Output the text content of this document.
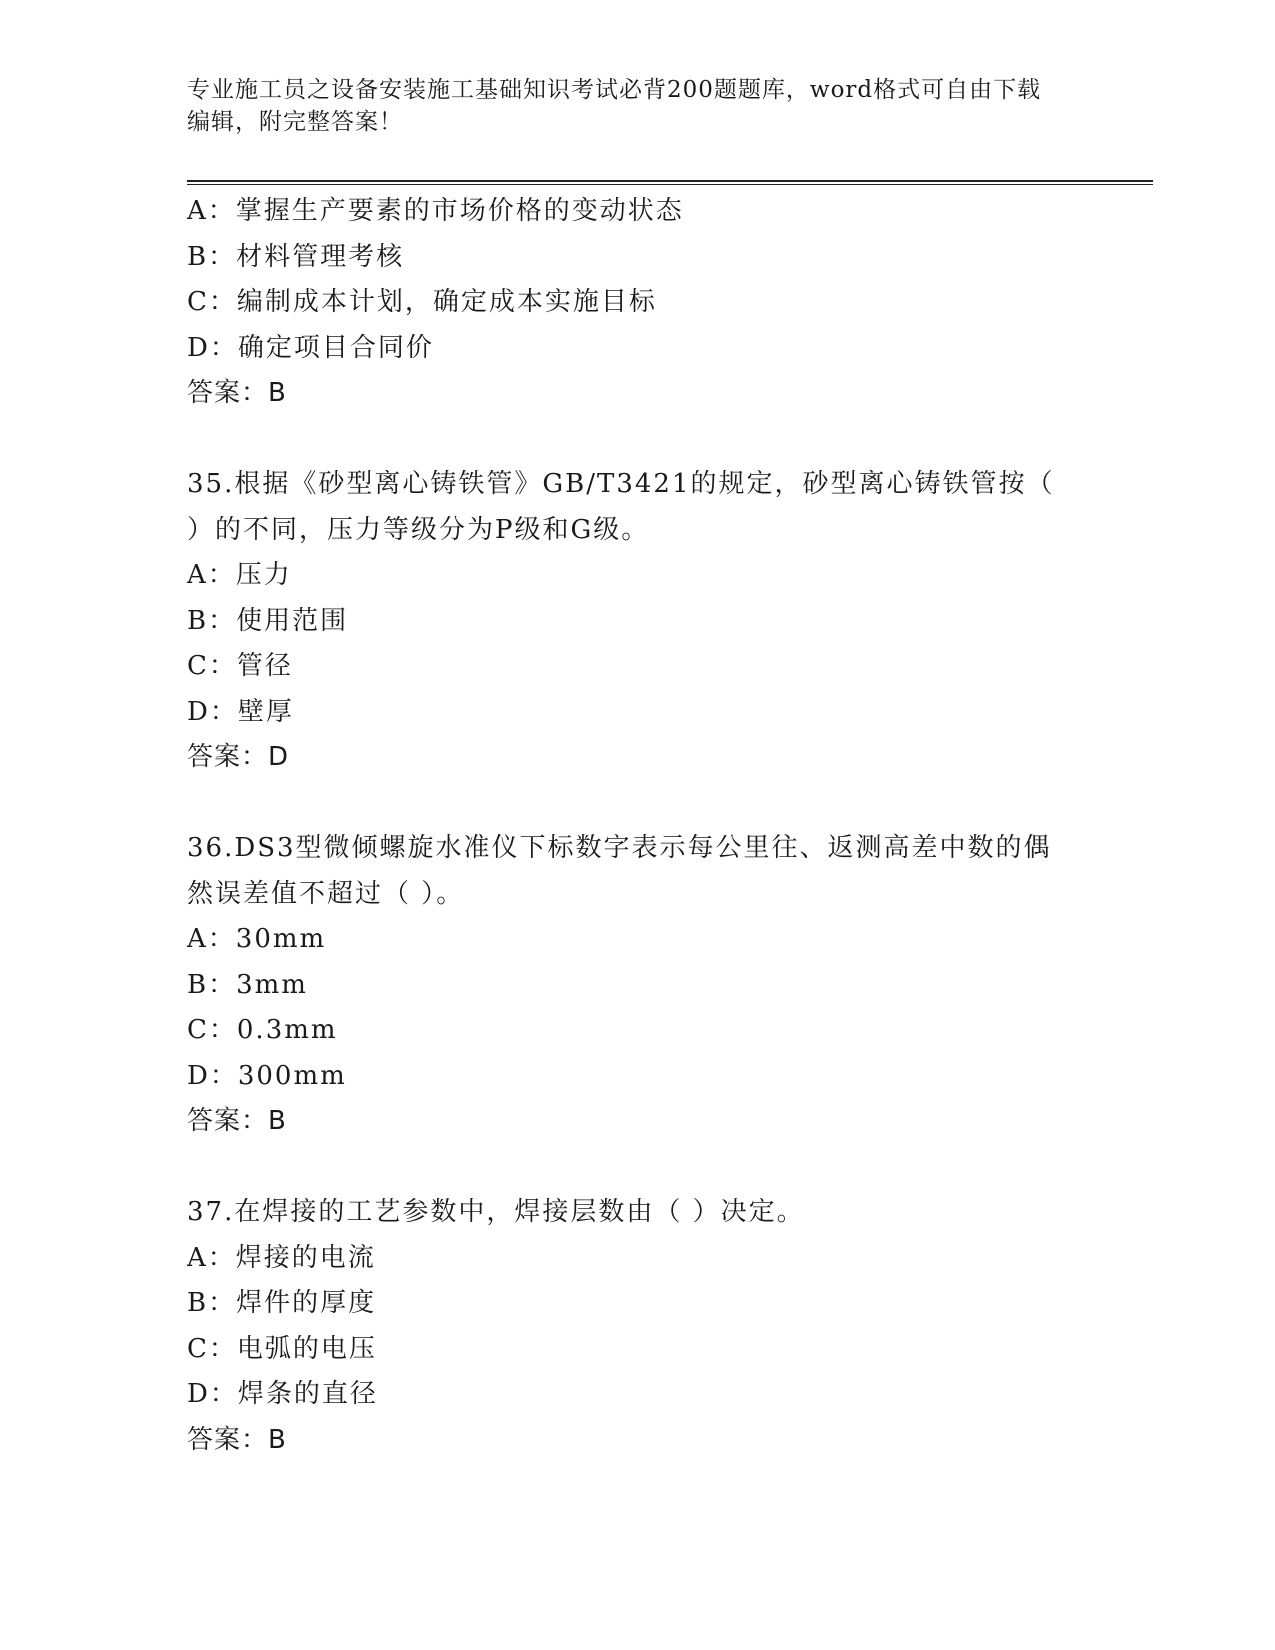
专业施工员之设备安装施工基础知识考试必背200题题库，word格式可自由下载
编辑，附完整答案！
A：掌握生产要素的市场价格的变动状态
B：材料管理考核
C：编制成本计划，确定成本实施目标
D：确定项目合同价
答案：B
35.根据《砂型离心铸铁管》GB/T3421的规定，砂型离心铸铁管按（
）的不同，压力等级分为P级和G级。
A：压力
B：使用范围
C：管径
D：壁厚
答案：D
36.DS3型微倾螺旋水准仪下标数字表示每公里往、返测高差中数的偶
然误差值不超过（ ）。
A：30mm
B：3mm
C：0.3mm
D：300mm
答案：B
37.在焊接的工艺参数中，焊接层数由（ ）决定。
A：焊接的电流
B：焊件的厚度
C：电弧的电压
D：焊条的直径
答案：B
